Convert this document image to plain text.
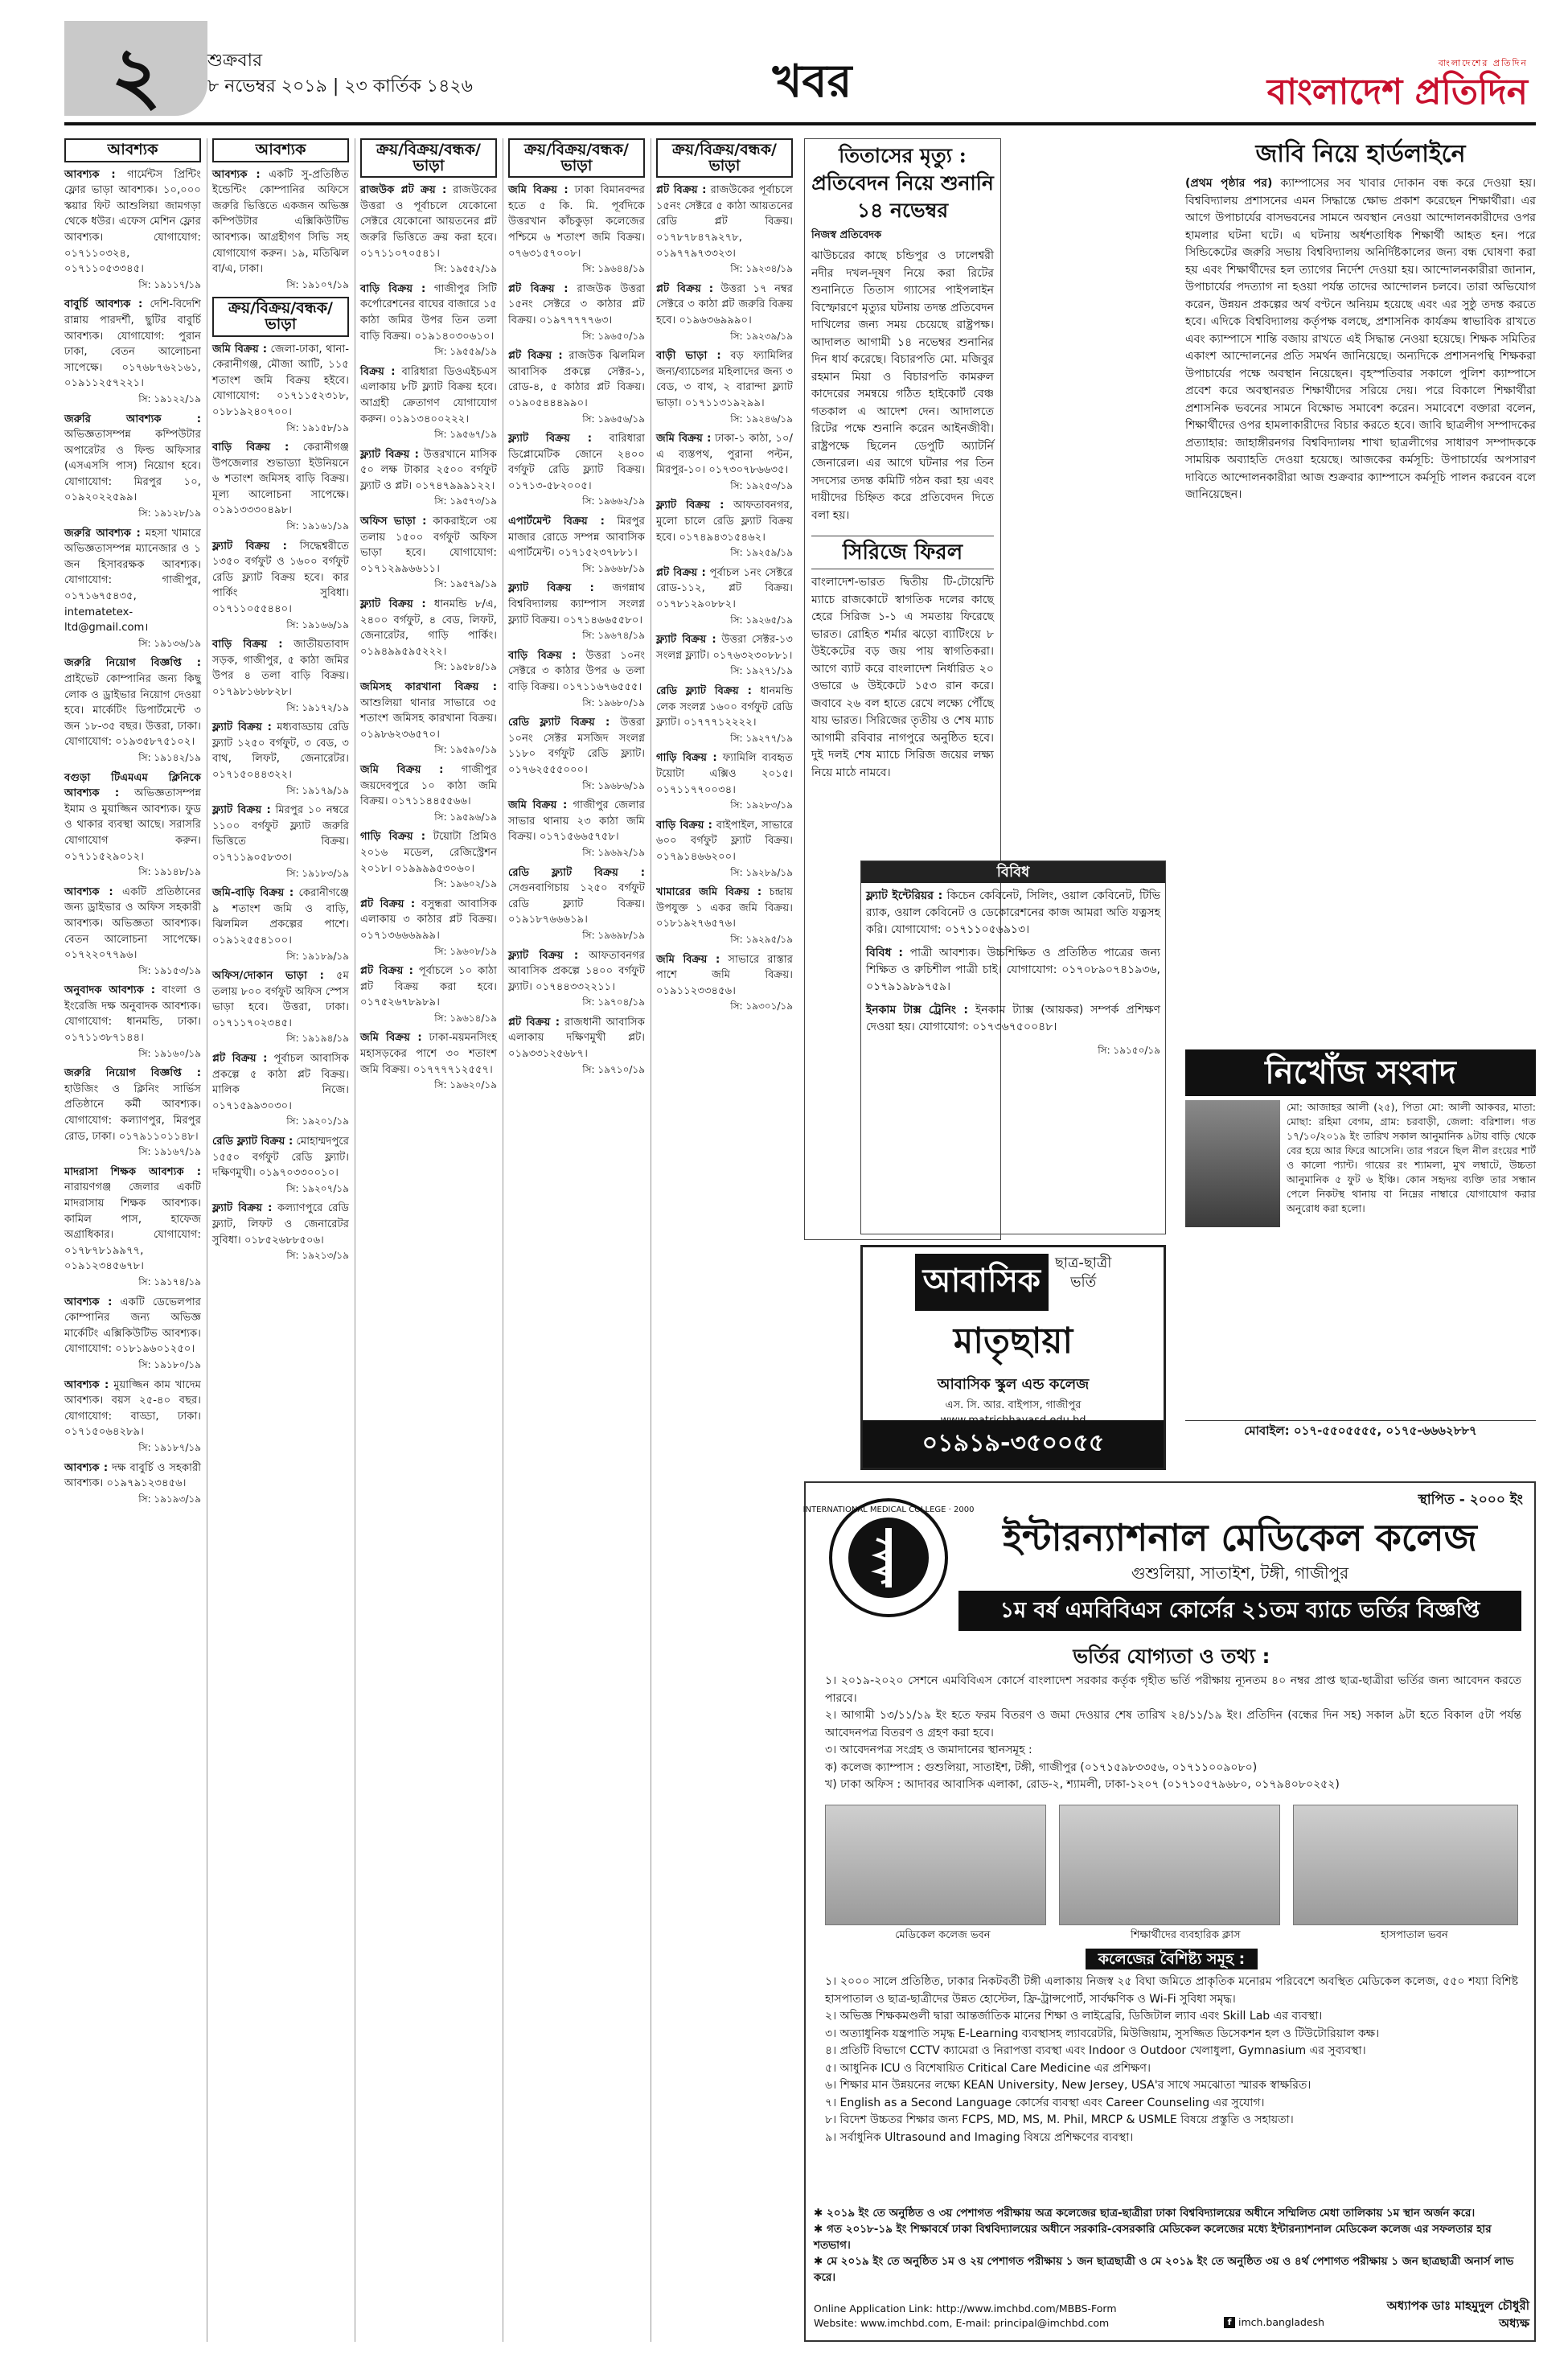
২	শুক্রবার
৮ নভেম্বর ২০১৯ | ২৩ কার্তিক ১৪২৬	খবর	বাংলাদেশের প্রতিদিন
বাংলাদেশ প্রতিদিন
আবশ্যক

আবশ্যক : গার্মেন্টস প্রিন্টিং ফ্লোর ভাড়া আবশ্যক। ১০,০০০ স্কয়ার ফিট আশুলিয়া জামগড়া থেকে ধউর। এফেস মেশিন ফ্লোর আবশ্যক। যোগাযোগ: ০১৭১১০৩২৪, ০১৭১১০৫৩৩৪৫।
সি: ১৯১১৭/১৯

বাবুর্চি আবশ্যক : দেশি-বিদেশি রান্নায় পারদর্শী, ছুটির বাবুর্চি আবশ্যক। যোগাযোগ: পুরান ঢাকা, বেতন আলোচনা সাপেক্ষে। ০১৭৬৮৭৬২১৬১, ০১৯১১২৫৭২২১।
সি: ১৯১২২/১৯

জরুরি আবশ্যক : অভিজ্ঞতাসম্পন্ন কম্পিউটার অপারেটর ও ফিল্ড অফিসার (এসএসসি পাস) নিয়োগ হবে। যোগাযোগ: মিরপুর ১০, ০১৯২০২২৫৯৯।
সি: ১৯১২৮/১৯

জরুরি আবশ্যক : মহসা খামারে অভিজ্ঞতাসম্পন্ন ম্যানেজার ও ১ জন হিসাবরক্ষক আবশ্যক। যোগাযোগ: গাজীপুর, ০১৭১৬৭৫৪৩৫, intematetex-ltd@gmail.com।
সি: ১৯১৩৬/১৯

জরুরি নিয়োগ বিজ্ঞপ্তি : প্রাইভেট কোম্পানির জন্য কিছু লোক ও ড্রাইভার নিয়োগ দেওয়া হবে। মার্কেটিং ডিপার্টমেন্টে ৩ জন ১৮-৩৫ বছর। উত্তরা, ঢাকা। যোগাযোগ: ০১৯৩৫৮৭৫১০২।
সি: ১৯১৪২/১৯

বগুড়া টিএমএম ক্লিনিকে আবশ্যক : অভিজ্ঞতাসম্পন্ন ইমাম ও মুয়াজ্জিন আবশ্যক। ফুড ও থাকার ব্যবস্থা আছে। সরাসরি যোগাযোগ করুন। ০১৭১১৫২৯০১২।
সি: ১৯১৪৮/১৯

আবশ্যক : একটি প্রতিষ্ঠানের জন্য ড্রাইভার ও অফিস সহকারী আবশ্যক। অভিজ্ঞতা আবশ্যক। বেতন আলোচনা সাপেক্ষে। ০১৭২২০৭৭৯৬।
সি: ১৯১৫৩/১৯

অনুবাদক আবশ্যক : বাংলা ও ইংরেজি দক্ষ অনুবাদক আবশ্যক। যোগাযোগ: ধানমন্ডি, ঢাকা। ০১৭১১৩৮৭১৪৪।
সি: ১৯১৬০/১৯

জরুরি নিয়োগ বিজ্ঞপ্তি : হাউজিং ও ক্লিনিং সার্ভিস প্রতিষ্ঠানে কর্মী আবশ্যক। যোগাযোগ: কল্যাণপুর, মিরপুর রোড, ঢাকা। ০১৭৯১১০১১৪৮।
সি: ১৯১৬৭/১৯

মাদরাসা শিক্ষক আবশ্যক : নারায়ণগঞ্জ জেলার একটি মাদরাসায় শিক্ষক আবশ্যক। কামিল পাস, হাফেজ অগ্রাধিকার। যোগাযোগ: ০১৭৮৭৮১৯৯৭৭, ০১৯১২৩৪৫৬৭৮।
সি: ১৯১৭৪/১৯

আবশ্যক : একটি ডেভেলপার কোম্পানির জন্য অভিজ্ঞ মার্কেটিং এক্সিকিউটিভ আবশ্যক। যোগাযোগ: ০১৮১৯৬০১২৫০।
সি: ১৯১৮০/১৯

আবশ্যক : মুয়াজ্জিন কাম খাদেম আবশ্যক। বয়স ২৫-৪০ বছর। যোগাযোগ: বাড্ডা, ঢাকা। ০১৭১৫০৬৪২৮৯।
সি: ১৯১৮৭/১৯

আবশ্যক : দক্ষ বাবুর্চি ও সহকারী আবশ্যক। ০১৯৭৯১২৩৪৫৬।
সি: ১৯১৯৩/১৯

আবশ্যক

আবশ্যক : একটি সু-প্রতিষ্ঠিত ইন্ডেন্টিং কোম্পানির অফিসে জরুরি ভিত্তিতে একজন অভিজ্ঞ কম্পিউটার এক্সিকিউটিভ আবশ্যক। আগ্রহীগণ সিভি সহ যোগাযোগ করুন। ১৯, মতিঝিল বা/এ, ঢাকা।
সি: ১৯১০৭/১৯

ক্রয়/বিক্রয়/বন্ধক/ভাড়া

জমি বিক্রয় : জেলা-ঢাকা, থানা-কেরানীগঞ্জ, মৌজা আটি, ১১৫ শতাংশ জমি বিক্রয় হইবে। যোগাযোগ: ০১৭১১৫২৩১৮, ০১৮১৯২৪০৭০০।
সি: ১৯১৫৮/১৯

বাড়ি বিক্রয় : কেরানীগঞ্জ উপজেলার শুভাড্যা ইউনিয়নে ৬ শতাংশ জমিসহ বাড়ি বিক্রয়। মূল্য আলোচনা সাপেক্ষে। ০১৯১৩৩৩০৪৯৮।
সি: ১৯১৬১/১৯

ফ্ল্যাট বিক্রয় : সিদ্ধেশ্বরীতে ১৩৫০ বর্গফুট ও ১৬০০ বর্গফুট রেডি ফ্ল্যাট বিক্রয় হবে। কার পার্কিং সুবিধা। ০১৭১১০৫৫৪৪০।
সি: ১৯১৬৬/১৯

বাড়ি বিক্রয় : জাতীয়তাবাদ সড়ক, গাজীপুর, ৫ কাঠা জমির উপর ৪ তলা বাড়ি বিক্রয়। ০১৭৯৮১৬৮৮২৮।
সি: ১৯১৭২/১৯

ফ্ল্যাট বিক্রয় : মধ্যবাড্ডায় রেডি ফ্ল্যাট ১২৫০ বর্গফুট, ৩ বেড, ৩ বাথ, লিফট, জেনারেটর। ০১৭১৫০৪৪৩২২।
সি: ১৯১৭৯/১৯

ফ্ল্যাট বিক্রয় : মিরপুর ১০ নম্বরে ১১০০ বর্গফুট ফ্ল্যাট জরুরি ভিত্তিতে বিক্রয়। ০১৭১১৯০৫৮৩৩।
সি: ১৯১৮৩/১৯

জমি-বাড়ি বিক্রয় : কেরানীগঞ্জে ৯ শতাংশ জমি ও বাড়ি, ঝিলমিল প্রকল্পের পাশে। ০১৯১২৫৫৪১০০।
সি: ১৯১৮৯/১৯

অফিস/দোকান ভাড়া : ৫ম তলায় ৮০০ বর্গফুট অফিস স্পেস ভাড়া হবে। উত্তরা, ঢাকা। ০১৭১১৭০২৩৪৫।
সি: ১৯১৯৪/১৯

প্লট বিক্রয় : পূর্বাচল আবাসিক প্রকল্পে ৫ কাঠা প্লট বিক্রয়। মালিক নিজে। ০১৭১৫৯৯৩০৩০।
সি: ১৯২০১/১৯

রেডি ফ্ল্যাট বিক্রয় : মোহাম্মদপুরে ১৫৫০ বর্গফুট রেডি ফ্ল্যাট। দক্ষিণমুখী। ০১৯৭০৩৩০০১০।
সি: ১৯২০৭/১৯

ফ্ল্যাট বিক্রয় : কল্যাণপুরে রেডি ফ্ল্যাট, লিফট ও জেনারেটর সুবিধা। ০১৮৫২৬৮৮৫০৬।
সি: ১৯২১৩/১৯

ক্রয়/বিক্রয়/বন্ধক/ভাড়া

রাজউক প্লট ক্রয় : রাজউকের উত্তরা ও পূর্বাচলে যেকোনো সেক্টরে যেকোনো আয়তনের প্লট জরুরি ভিত্তিতে ক্রয় করা হবে। ০১৭১১০৭০৫৪১।
সি: ১৯৫৫২/১৯

বাড়ি বিক্রয় : গাজীপুর সিটি কর্পোরেশনের বাঘের বাজারে ১৫ কাঠা জমির উপর তিন তলা বাড়ি বিক্রয়। ০১৯১৪০৩০৬১০।
সি: ১৯৫৫৯/১৯

বিক্রয় : বারিধারা ডিওএইচএস এলাকায় ৮টি ফ্ল্যাট বিক্রয় হবে। আগ্রহী ক্রেতাগণ যোগাযোগ করুন। ০১৯১৩৪০০২২২।
সি: ১৯৫৬৭/১৯

ফ্ল্যাট বিক্রয় : উত্তরখানে মাসিক ৫০ লক্ষ টাকার ২৫০০ বর্গফুট ফ্ল্যাট ও প্লট। ০১৭৪৭৯৯৯১২২।
সি: ১৯৫৭৩/১৯

অফিস ভাড়া : কাকরাইলে ৩য় তলায় ১৫০০ বর্গফুট অফিস ভাড়া হবে। যোগাযোগ: ০১৭১২৯৯৬৬১১।
সি: ১৯৫৭৯/১৯

ফ্ল্যাট বিক্রয় : ধানমন্ডি ৮/এ, ২৪০০ বর্গফুট, ৪ বেড, লিফট, জেনারেটর, গাড়ি পার্কিং। ০১৯৪৯৯৫৯৫২২২।
সি: ১৯৫৮৪/১৯

জমিসহ কারখানা বিক্রয় : আশুলিয়া থানার সাভারে ৩৫ শতাংশ জমিসহ কারখানা বিক্রয়। ০১৯৮৬২৩৬৫৭০।
সি: ১৯৫৯০/১৯

জমি বিক্রয় : গাজীপুর জয়দেবপুরে ১০ কাঠা জমি বিক্রয়। ০১৭১১৪৪৫৫৬৬।
সি: ১৯৫৯৬/১৯

গাড়ি বিক্রয় : টয়োটা প্রিমিও ২০১৬ মডেল, রেজিস্ট্রেশন ২০১৮। ০১৯৯৯৯৫৩০৬০।
সি: ১৯৬০২/১৯

প্লট বিক্রয় : বসুন্ধরা আবাসিক এলাকায় ৩ কাঠার প্লট বিক্রয়। ০১৭১৩৬৬৬৯৯৯।
সি: ১৯৬০৮/১৯

প্লট বিক্রয় : পূর্বাচলে ১০ কাঠা প্লট বিক্রয় করা হবে। ০১৭৫২৬৭৮৯৮৯।
সি: ১৯৬১৪/১৯

জমি বিক্রয় : ঢাকা-ময়মনসিংহ মহাসড়কের পাশে ৩০ শতাংশ জমি বিক্রয়। ০১৭৭৭৭১২৫৫৭।
সি: ১৯৬২০/১৯

ক্রয়/বিক্রয়/বন্ধক/ভাড়া

জমি বিক্রয় : ঢাকা বিমানবন্দর হতে ৫ কি. মি. পূর্বদিকে উত্তরখান কাঁচকুড়া কলেজের পশ্চিমে ৬ শতাংশ জমি বিক্রয়। ০৭৬৩১৫৭০০৮।
সি: ১৯৬৪৪/১৯

প্লট বিক্রয় : রাজউক উত্তরা ১৫নং সেক্টরে ৩ কাঠার প্লট বিক্রয়। ০১৯৭৭৭৭৭৬৩।
সি: ১৯৬৫০/১৯

প্লট বিক্রয় : রাজউক ঝিলমিল আবাসিক প্রকল্পে সেক্টর-১, রোড-৪, ৫ কাঠার প্লট বিক্রয়। ০১৯০৫৪৪৪৯৯০।
সি: ১৯৬৫৬/১৯

ফ্ল্যাট বিক্রয় : বারিধারা ডিপ্লোমেটিক জোনে ২৪০০ বর্গফুট রেডি ফ্ল্যাট বিক্রয়। ০১৭১৩-৫৮২০০৫।
সি: ১৯৬৬২/১৯

এপার্টমেন্ট বিক্রয় : মিরপুর মাজার রোডে সম্পন্ন আবাসিক এপার্টমেন্ট। ০১৭১৫২৩৭৮৮১।
সি: ১৯৬৬৮/১৯

ফ্ল্যাট বিক্রয় : জগন্নাথ বিশ্ববিদ্যালয় ক্যাম্পাস সংলগ্ন ফ্ল্যাট বিক্রয়। ০১৭১৪৬৬৫৫৮০।
সি: ১৯৬৭৪/১৯

বাড়ি বিক্রয় : উত্তরা ১০নং সেক্টরে ৩ কাঠার উপর ৬ তলা বাড়ি বিক্রয়। ০১৭১১৬৭৬৫৫৫।
সি: ১৯৬৮০/১৯

রেডি ফ্ল্যাট বিক্রয় : উত্তরা ১০নং সেক্টর মসজিদ সংলগ্ন ১১৮০ বর্গফুট রেডি ফ্ল্যাট। ০১৭৬২৫৫৫০০০।
সি: ১৯৬৮৬/১৯

জমি বিক্রয় : গাজীপুর জেলার সাভার থানায় ২৩ কাঠা জমি বিক্রয়। ০১৭১৫৬৬৫৭৫৮।
সি: ১৯৬৯২/১৯

রেডি ফ্ল্যাট বিক্রয় : সেগুনবাগিচায় ১২৫০ বর্গফুট রেডি ফ্ল্যাট বিক্রয়। ০১৯১৮৭৬৬৬১৯।
সি: ১৯৬৯৮/১৯

ফ্ল্যাট বিক্রয় : আফতাবনগর আবাসিক প্রকল্পে ১৪০০ বর্গফুট ফ্ল্যাট। ০১৭৪৪৩৩২২১১।
সি: ১৯৭০৪/১৯

প্লট বিক্রয় : রাজধানী আবাসিক এলাকায় দক্ষিণমুখী প্লট। ০১৯৩৩১২৫৬৮৭।
সি: ১৯৭১০/১৯

ক্রয়/বিক্রয়/বন্ধক/ভাড়া

প্লট বিক্রয় : রাজউকের পূর্বাচলে ১৫নং সেক্টরে ৫ কাঠা আয়তনের রেডি প্লট বিক্রয়। ০১৭৮৭৮৪৭৯২৭৮, ০১৯৭৭৯৭৩৩২৩।
সি: ১৯২৩৪/১৯

প্লট বিক্রয় : উত্তরা ১৭ নম্বর সেক্টরে ৩ কাঠা প্লট জরুরি বিক্রয় হবে। ০১৯৬৩৬৯৯৯০।
সি: ১৯২৩৯/১৯

বাড়ী ভাড়া : বড় ফ্যামিলির জন্য/ব্যাচেলর মহিলাদের জন্য ৩ বেড, ৩ বাথ, ২ বারান্দা ফ্ল্যাট ভাড়া। ০১৭১১৩১৯২৯৯।
সি: ১৯২৪৬/১৯

জমি বিক্রয় : ঢাকা-১ কাঠা, ১০/এ ব্যস্তপথ, পুরানা পল্টন, মিরপুর-১০। ০১৭৩০৭৮৬৬৩৫।
সি: ১৯২৫৩/১৯

ফ্ল্যাট বিক্রয় : আফতাবনগর, মুলো চালে রেডি ফ্ল্যাট বিক্রয় হবে। ০১৭৪৯৪৩১৫৪৬২।
সি: ১৯২৫৯/১৯

প্লট বিক্রয় : পূর্বাচল ১নং সেক্টরে রোড-১১২, প্লট বিক্রয়। ০১৭৮১২৯০৮৮২।
সি: ১৯২৬৫/১৯

ফ্ল্যাট বিক্রয় : উত্তরা সেক্টর-১৩ সংলগ্ন ফ্ল্যাট। ০১৭৬৩২৩০৮৮১।
সি: ১৯২৭১/১৯

রেডি ফ্ল্যাট বিক্রয় : ধানমন্ডি লেক সংলগ্ন ১৬০০ বর্গফুট রেডি ফ্ল্যাট। ০১৭৭৭১২২২২।
সি: ১৯২৭৭/১৯

গাড়ি বিক্রয় : ফ্যামিলি ব্যবহৃত টয়োটা এক্সিও ২০১৫। ০১৭১১৭৭০০৩৪।
সি: ১৯২৮৩/১৯

বাড়ি বিক্রয় : বাইপাইল, সাভারে ৬০০ বর্গফুট ফ্ল্যাট বিক্রয়। ০১৭৯১৪৬৬২০০।
সি: ১৯২৮৯/১৯

খামারের জমি বিক্রয় : চন্দ্রায় উপযুক্ত ১ একর জমি বিক্রয়। ০১৮১৯২৭৬৫৭৬।
সি: ১৯২৯৫/১৯

জমি বিক্রয় : সাভারে রাস্তার পাশে জমি বিক্রয়। ০১৯১১২৩৩৪৫৬।
সি: ১৯৩০১/১৯

তিতাসের মৃত্যু : প্রতিবেদন নিয়ে শুনানি ১৪ নভেম্বর
নিজস্ব প্রতিবেদক
ঝাউচরের কাছে চন্ডিপুর ও ঢালেশ্বরী নদীর দখল-দূষণ নিয়ে করা রিটের শুনানিতে তিতাস গ্যাসের পাইপলাইন বিস্ফোরণে মৃত্যুর ঘটনায় তদন্ত প্রতিবেদন দাখিলের জন্য সময় চেয়েছে রাষ্ট্রপক্ষ। আদালত আগামী ১৪ নভেম্বর শুনানির দিন ধার্য করেছে। বিচারপতি মো. মজিবুর রহমান মিয়া ও বিচারপতি কামরুল কাদেরের সমন্বয়ে গঠিত হাইকোর্ট বেঞ্চ গতকাল এ আদেশ দেন। আদালতে রিটের পক্ষে শুনানি করেন আইনজীবী। রাষ্ট্রপক্ষে ছিলেন ডেপুটি অ্যাটর্নি জেনারেল। এর আগে ঘটনার পর তিন সদস্যের তদন্ত কমিটি গঠন করা হয় এবং দায়ীদের চিহ্নিত করে প্রতিবেদন দিতে বলা হয়।
সিরিজে ফিরল
বাংলাদেশ-ভারত দ্বিতীয় টি-টোয়েন্টি ম্যাচে রাজকোটে স্বাগতিক দলের কাছে হেরে সিরিজ ১-১ এ সমতায় ফিরেছে ভারত। রোহিত শর্মার ঝড়ো ব্যাটিংয়ে ৮ উইকেটের বড় জয় পায় স্বাগতিকরা। আগে ব্যাট করে বাংলাদেশ নির্ধারিত ২০ ওভারে ৬ উইকেটে ১৫৩ রান করে। জবাবে ২৬ বল হাতে রেখে লক্ষ্যে পৌঁছে যায় ভারত। সিরিজের তৃতীয় ও শেষ ম্যাচ আগামী রবিবার নাগপুরে অনুষ্ঠিত হবে। দুই দলই শেষ ম্যাচে সিরিজ জয়ের লক্ষ্য নিয়ে মাঠে নামবে।
বিবিধ

ফ্ল্যাট ইন্টেরিয়র : কিচেন কেবিনেট, সিলিং, ওয়াল কেবিনেট, টিভি র‍্যাক, ওয়াল কেবিনেট ও ডেকোরেশনের কাজ আমরা অতি যত্নসহ করি। যোগাযোগ: ০১৭১১০৫৬৯১৩।

বিবিধ : পাত্রী আবশ্যক। উচ্চশিক্ষিত ও প্রতিষ্ঠিত পাত্রের জন্য শিক্ষিত ও রুচিশীল পাত্রী চাই। যোগাযোগ: ০১৭০৮৯০৭৪১৯৩৬, ০১৭৯১৯৮৯৭৫৯।

ইনকাম টাক্স ট্রেনিং : ইনকাম ট্যাক্স (আয়কর) সম্পর্ক প্রশিক্ষণ দেওয়া হয়। যোগাযোগ: ০১৭৩৬৭৫০০৪৮।

সি: ১৯১৫০/১৯
আবাসিক	ছাত্র-ছাত্রী
ভর্তি
মাতৃছায়া
আবাসিক স্কুল এন্ড কলেজ
এস. সি. আর. বাইপাস, গাজীপুর
০১৯১৯-৩৫০০৫৫
জাবি নিয়ে হার্ডলাইনে
(প্রথম পৃষ্ঠার পর) ক্যাম্পাসের সব খাবার দোকান বন্ধ করে দেওয়া হয়। বিশ্ববিদ্যালয় প্রশাসনের এমন সিদ্ধান্তে ক্ষোভ প্রকাশ করেছেন শিক্ষার্থীরা। এর আগে উপাচার্যের বাসভবনের সামনে অবস্থান নেওয়া আন্দোলনকারীদের ওপর হামলার ঘটনা ঘটে। এ ঘটনায় অর্ধশতাধিক শিক্ষার্থী আহত হন। পরে সিন্ডিকেটের জরুরি সভায় বিশ্ববিদ্যালয় অনির্দিষ্টকালের জন্য বন্ধ ঘোষণা করা হয় এবং শিক্ষার্থীদের হল ত্যাগের নির্দেশ দেওয়া হয়। আন্দোলনকারীরা জানান, উপাচার্যের পদত্যাগ না হওয়া পর্যন্ত তাদের আন্দোলন চলবে। তারা অভিযোগ করেন, উন্নয়ন প্রকল্পের অর্থ বণ্টনে অনিয়ম হয়েছে এবং এর সুষ্ঠু তদন্ত করতে হবে। এদিকে বিশ্ববিদ্যালয় কর্তৃপক্ষ বলছে, প্রশাসনিক কার্যক্রম স্বাভাবিক রাখতে এবং ক্যাম্পাসে শান্তি বজায় রাখতে এই সিদ্ধান্ত নেওয়া হয়েছে। শিক্ষক সমিতির একাংশ আন্দোলনের প্রতি সমর্থন জানিয়েছে। অন্যদিকে প্রশাসনপন্থি শিক্ষকরা উপাচার্যের পক্ষে অবস্থান নিয়েছেন। বৃহস্পতিবার সকালে পুলিশ ক্যাম্পাসে প্রবেশ করে অবস্থানরত শিক্ষার্থীদের সরিয়ে দেয়। পরে বিকালে শিক্ষার্থীরা প্রশাসনিক ভবনের সামনে বিক্ষোভ সমাবেশ করেন। সমাবেশে বক্তারা বলেন, শিক্ষার্থীদের ওপর হামলাকারীদের বিচার করতে হবে। জাবি ছাত্রলীগ সম্পাদকের প্রত্যাহার: জাহাঙ্গীরনগর বিশ্ববিদ্যালয় শাখা ছাত্রলীগের সাধারণ সম্পাদককে সাময়িক অব্যাহতি দেওয়া হয়েছে। আজকের কর্মসূচি: উপাচার্যের অপসারণ দাবিতে আন্দোলনকারীরা আজ শুক্রবার ক্যাম্পাসে কর্মসূচি পালন করবেন বলে জানিয়েছেন।
নিখোঁজ সংবাদ
মো: আজাহর আলী (২৫), পিতা মো: আলী আকবর, মাতা: মোছা: রহিমা বেগম, গ্রাম: চরবাড়ী, জেলা: বরিশাল। গত ১৭/১০/২০১৯ ইং তারিখ সকাল আনুমানিক ৯টায় বাড়ি থেকে বের হয়ে আর ফিরে আসেনি। তার পরনে ছিল নীল রংয়ের শার্ট ও কালো প্যান্ট। গায়ের রং শ্যামলা, মুখ লম্বাটে, উচ্চতা আনুমানিক ৫ ফুট ৬ ইঞ্চি। কোন সহৃদয় ব্যক্তি তার সন্ধান পেলে নিকটস্থ থানায় বা নিম্নের নাম্বারে যোগাযোগ করার অনুরোধ করা হলো।
মোবাইল: ০১৭-৫৫০৫৫৫৫, ০১৭৫-৬৬৬২৮৮৭
INTERNATIONAL MEDICAL COLLEGE · 2000
স্থাপিত - ২০০০ ইং
ইন্টারন্যাশনাল মেডিকেল কলেজ
গুশুলিয়া, সাতাইশ, টঙ্গী, গাজীপুর
১ম বর্ষ এমবিবিএস কোর্সের ২১তম ব্যাচে ভর্তির বিজ্ঞপ্তি
ভর্তির যোগ্যতা ও তথ্য :
১। ২০১৯-২০২০ সেশনে এমবিবিএস কোর্সে বাংলাদেশ সরকার কর্তৃক গৃহীত ভর্তি পরীক্ষায় ন্যূনতম ৪০ নম্বর প্রাপ্ত ছাত্র-ছাত্রীরা ভর্তির জন্য আবেদন করতে পারবে।
২। আগামী ১৩/১১/১৯ ইং হতে ফরম বিতরণ ও জমা দেওয়ার শেষ তারিখ ২৪/১১/১৯ ইং। প্রতিদিন (বন্ধের দিন সহ) সকাল ৯টা হতে বিকাল ৫টা পর্যন্ত আবেদনপত্র বিতরণ ও গ্রহণ করা হবে।
৩। আবেদনপত্র সংগ্রহ ও জমাদানের স্থানসমূহ :
ক) কলেজ ক্যাম্পাস : গুশুলিয়া, সাতাইশ, টঙ্গী, গাজীপুর (০১৭১৫৯৮৩৩৫৬, ০১৭১১০০৯০৮০)
খ) ঢাকা অফিস : আদাবর আবাসিক এলাকা, রোড-২, শ্যামলী, ঢাকা-১২০৭ (০১৭১০৫৭৯৬৮০, ০১৭৯৪০৮০২৫২)
মেডিকেল কলেজ ভবন	শিক্ষার্থীদের ব্যবহারিক ক্লাস	হাসপাতাল ভবন
কলেজের বৈশিষ্ট্য সমূহ :
১। ২০০০ সালে প্রতিষ্ঠিত, ঢাকার নিকটবর্তী টঙ্গী এলাকায় নিজস্ব ২৫ বিঘা জমিতে প্রাকৃতিক মনোরম পরিবেশে অবস্থিত মেডিকেল কলেজ, ৫৫০ শয্যা বিশিষ্ট হাসপাতাল ও ছাত্র-ছাত্রীদের উন্নত হোস্টেল, ফ্রি-ট্রান্সপোর্ট, সার্বক্ষণিক ও Wi-Fi সুবিধা সমৃদ্ধ।
২। অভিজ্ঞ শিক্ষকমণ্ডলী দ্বারা আন্তর্জাতিক মানের শিক্ষা ও লাইব্রেরি, ডিজিটাল ল্যাব এবং Skill Lab এর ব্যবস্থা।
৩। অত্যাধুনিক যন্ত্রপাতি সমৃদ্ধ E-Learning ব্যবস্থাসহ ল্যাবরেটরি, মিউজিয়াম, সুসজ্জিত ডিসেকশন হল ও টিউটোরিয়াল কক্ষ।
৪। প্রতিটি বিভাগে CCTV ক্যামেরা ও নিরাপত্তা ব্যবস্থা এবং Indoor ও Outdoor খেলাধুলা, Gymnasium এর সুব্যবস্থা।
৫। আধুনিক ICU ও বিশেষায়িত Critical Care Medicine এর প্রশিক্ষণ।
৬। শিক্ষার মান উন্নয়নের লক্ষ্যে KEAN University, New Jersey, USA'র সাথে সমঝোতা স্মারক স্বাক্ষরিত।
৭। English as a Second Language কোর্সের ব্যবস্থা এবং Career Counseling এর সুযোগ।
৮। বিদেশ উচ্চতর শিক্ষার জন্য FCPS, MD, MS, M. Phil, MRCP & USMLE বিষয়ে প্রস্তুতি ও সহায়তা।
৯। সর্বাধুনিক Ultrasound and Imaging বিষয়ে প্রশিক্ষণের ব্যবস্থা।
✱ ২০১৯ ইং তে অনুষ্ঠিত ও ৩য় পেশাগত পরীক্ষায় অত্র কলেজের ছাত্র-ছাত্রীরা ঢাকা বিশ্ববিদ্যালয়ের অধীনে সম্মিলিত মেধা তালিকায় ১ম স্থান অর্জন করে।
✱ গত ২০১৮-১৯ ইং শিক্ষাবর্ষে ঢাকা বিশ্ববিদ্যালয়ের অধীনে সরকারি-বেসরকারি মেডিকেল কলেজের মধ্যে ইন্টারন্যাশনাল মেডিকেল কলেজ এর সফলতার হার শতভাগ।
✱ মে ২০১৯ ইং তে অনুষ্ঠিত ১ম ও ২য় পেশাগত পরীক্ষায় ১ জন ছাত্রছাত্রী ও মে ২০১৯ ইং তে অনুষ্ঠিত ৩য় ও ৪র্থ পেশাগত পরীক্ষায় ১ জন ছাত্রছাত্রী অনার্স লাভ করে।
Online Application Link: http://www.imchbd.com/MBBS-Form
Website: www.imchbd.com, E-mail: principal@imchbd.com	f imch.bangladesh
অধ্যাপক ডাঃ মাহমুদুল চৌধুরী
অধ্যক্ষ
